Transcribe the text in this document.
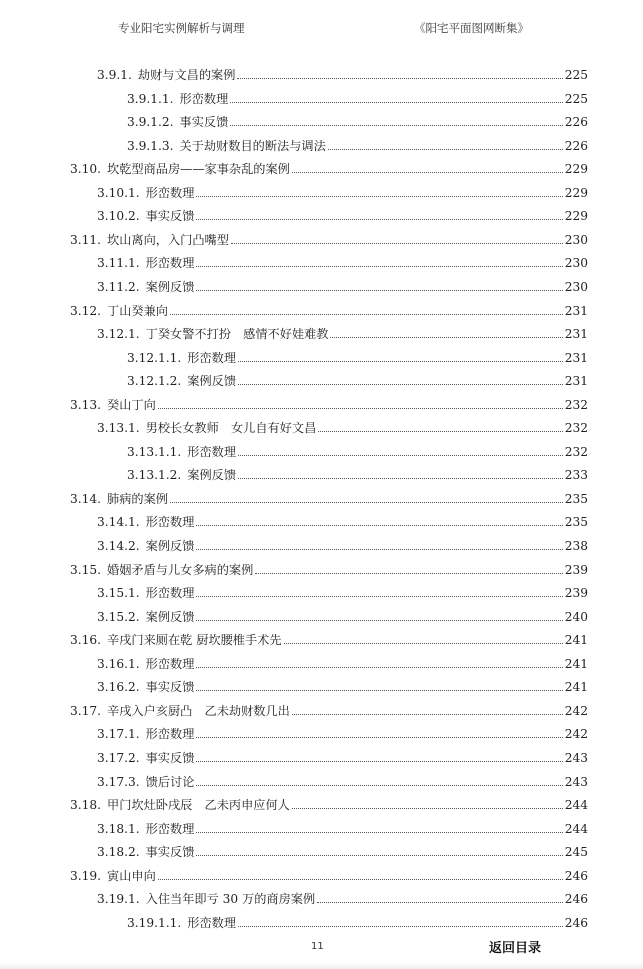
专业阳宅实例解析与调理	《阳宅平面图网断集》
3.9.1. 劫财与文昌的案例	225
3.9.1.1. 形峦数理	225
3.9.1.2. 事实反馈	226
3.9.1.3. 关于劫财数目的断法与调法	226
3.10. 坎乾型商品房——家事杂乱的案例	229
3.10.1. 形峦数理	229
3.10.2. 事实反馈	229
3.11. 坎山离向，入门凸嘴型	230
3.11.1. 形峦数理	230
3.11.2. 案例反馈	230
3.12. 丁山癸兼向	231
3.12.1. 丁癸女警不打扮　感情不好娃难教	231
3.12.1.1. 形峦数理	231
3.12.1.2. 案例反馈	231
3.13. 癸山丁向	232
3.13.1. 男校长女教师　女儿自有好文昌	232
3.13.1.1. 形峦数理	232
3.13.1.2. 案例反馈	233
3.14. 肺病的案例	235
3.14.1. 形峦数理	235
3.14.2. 案例反馈	238
3.15. 婚姻矛盾与儿女多病的案例	239
3.15.1. 形峦数理	239
3.15.2. 案例反馈	240
3.16. 辛戌门来厕在乾 厨坎腰椎手术先	241
3.16.1. 形峦数理	241
3.16.2. 事实反馈	241
3.17. 辛戌入户亥厨凸　乙未劫财数几出	242
3.17.1. 形峦数理	242
3.17.2. 事实反馈	243
3.17.3. 馈后讨论	243
3.18. 甲门坎灶卧戌辰　乙未丙申应何人	244
3.18.1. 形峦数理	244
3.18.2. 事实反馈	245
3.19. 寅山申向	246
3.19.1. 入住当年即亏 30 万的商房案例	246
3.19.1.1. 形峦数理	246
11	返回目录
